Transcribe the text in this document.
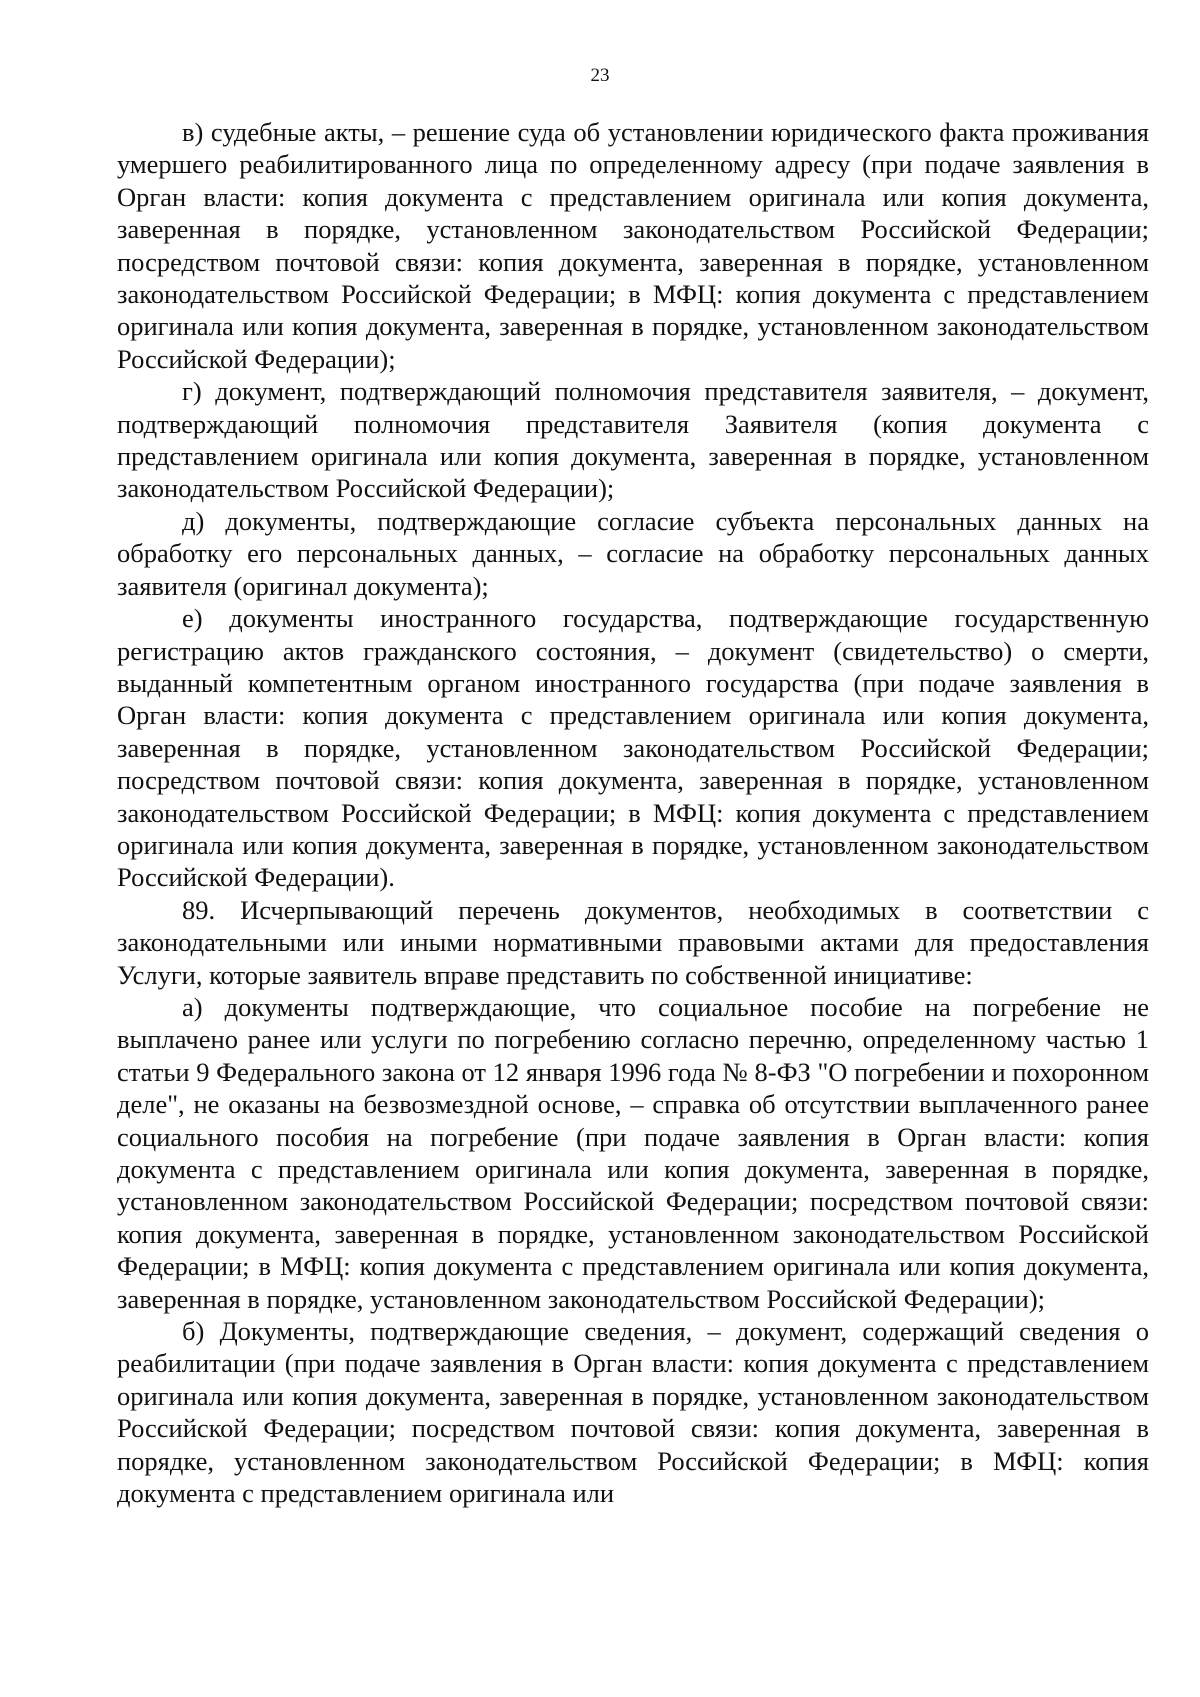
23

в) судебные акты, – решение суда об установлении юридического факта проживания умершего реабилитированного лица по определенному адресу (при подаче заявления в Орган власти: копия документа с представлением оригинала или копия документа, заверенная в порядке, установленном законодательством Российской Федерации; посредством почтовой связи: копия документа, заверенная в порядке, установленном законодательством Российской Федерации; в МФЦ: копия документа с представлением оригинала или копия документа, заверенная в порядке, установленном законодательством Российской Федерации);

г) документ, подтверждающий полномочия представителя заявителя, – документ, подтверждающий полномочия представителя Заявителя (копия документа с представлением оригинала или копия документа, заверенная в порядке, установленном законодательством Российской Федерации);

д) документы, подтверждающие согласие субъекта персональных данных на обработку его персональных данных, – согласие на обработку персональных данных заявителя (оригинал документа);

е) документы иностранного государства, подтверждающие государственную регистрацию актов гражданского состояния, – документ (свидетельство) о смерти, выданный компетентным органом иностранного государства (при подаче заявления в Орган власти: копия документа с представлением оригинала или копия документа, заверенная в порядке, установленном законодательством Российской Федерации; посредством почтовой связи: копия документа, заверенная в порядке, установленном законодательством Российской Федерации; в МФЦ: копия документа с представлением оригинала или копия документа, заверенная в порядке, установленном законодательством Российской Федерации).

89. Исчерпывающий перечень документов, необходимых в соответствии с законодательными или иными нормативными правовыми актами для предоставления Услуги, которые заявитель вправе представить по собственной инициативе:

а) документы подтверждающие, что социальное пособие на погребение не выплачено ранее или услуги по погребению согласно перечню, определенному частью 1 статьи 9 Федерального закона от 12 января 1996 года № 8-ФЗ "О погребении и похоронном деле", не оказаны на безвозмездной основе, – справка об отсутствии выплаченного ранее социального пособия на погребение (при подаче заявления в Орган власти: копия документа с представлением оригинала или копия документа, заверенная в порядке, установленном законодательством Российской Федерации; посредством почтовой связи: копия документа, заверенная в порядке, установленном законодательством Российской Федерации; в МФЦ: копия документа с представлением оригинала или копия документа, заверенная в порядке, установленном законодательством Российской Федерации);

б) Документы, подтверждающие сведения, – документ, содержащий сведения о реабилитации (при подаче заявления в Орган власти: копия документа с представлением оригинала или копия документа, заверенная в порядке, установленном законодательством Российской Федерации; посредством почтовой связи: копия документа, заверенная в порядке, установленном законодательством Российской Федерации; в МФЦ: копия документа с представлением оригинала или
